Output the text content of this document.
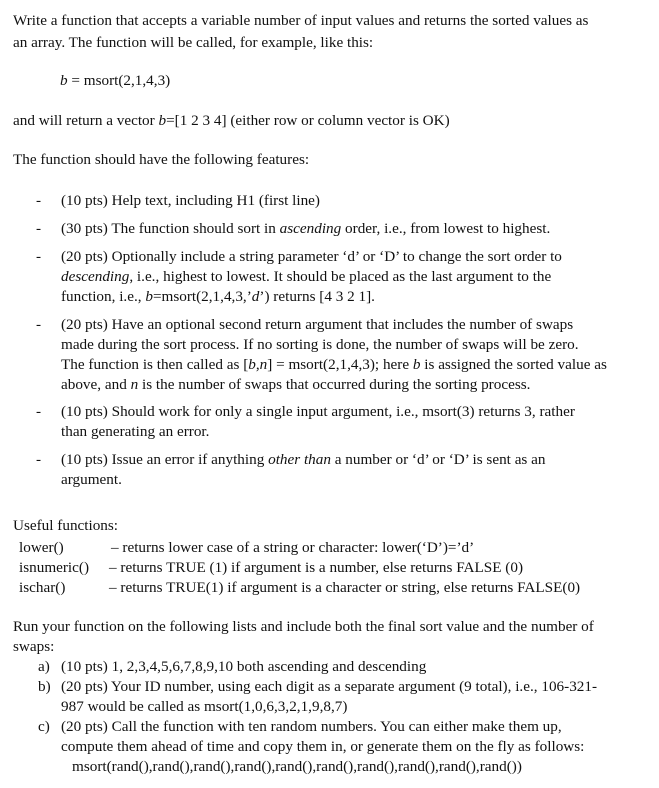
Write a function that accepts a variable number of input values and returns the sorted values as
an array. The function will be called, for example, like this:
b = msort(2,1,4,3)
and will return a vector b=[1 2 3 4] (either row or column vector is OK)
The function should have the following features:
- (10 pts) Help text, including H1 (first line)
- (30 pts) The function should sort in ascending order, i.e., from lowest to highest.
- (20 pts) Optionally include a string parameter ‘d’ or ‘D’ to change the sort order to
descending, i.e., highest to lowest. It should be placed as the last argument to the
function, i.e., b=msort(2,1,4,3,’d’) returns [4 3 2 1].
- (20 pts) Have an optional second return argument that includes the number of swaps
made during the sort process. If no sorting is done, the number of swaps will be zero.
The function is then called as [b,n] = msort(2,1,4,3); here b is assigned the sorted value as
above, and n is the number of swaps that occurred during the sorting process.
- (10 pts) Should work for only a single input argument, i.e., msort(3) returns 3, rather
than generating an error.
- (10 pts) Issue an error if anything other than a number or ‘d’ or ‘D’ is sent as an
argument.
Useful functions:
lower()	– returns lower case of a string or character: lower(‘D’)=’d’
isnumeric() – returns TRUE (1) if argument is a number, else returns FALSE (0)
ischar()	– returns TRUE(1) if argument is a character or string, else returns FALSE(0)
Run your function on the following lists and include both the final sort value and the number of
swaps:
a) (10 pts) 1, 2,3,4,5,6,7,8,9,10 both ascending and descending
b) (20 pts) Your ID number, using each digit as a separate argument (9 total), i.e., 106-321-
987 would be called as msort(1,0,6,3,2,1,9,8,7)
c) (20 pts) Call the function with ten random numbers. You can either make them up,
compute them ahead of time and copy them in, or generate them on the fly as follows:
msort(rand(),rand(),rand(),rand(),rand(),rand(),rand(),rand(),rand(),rand())
